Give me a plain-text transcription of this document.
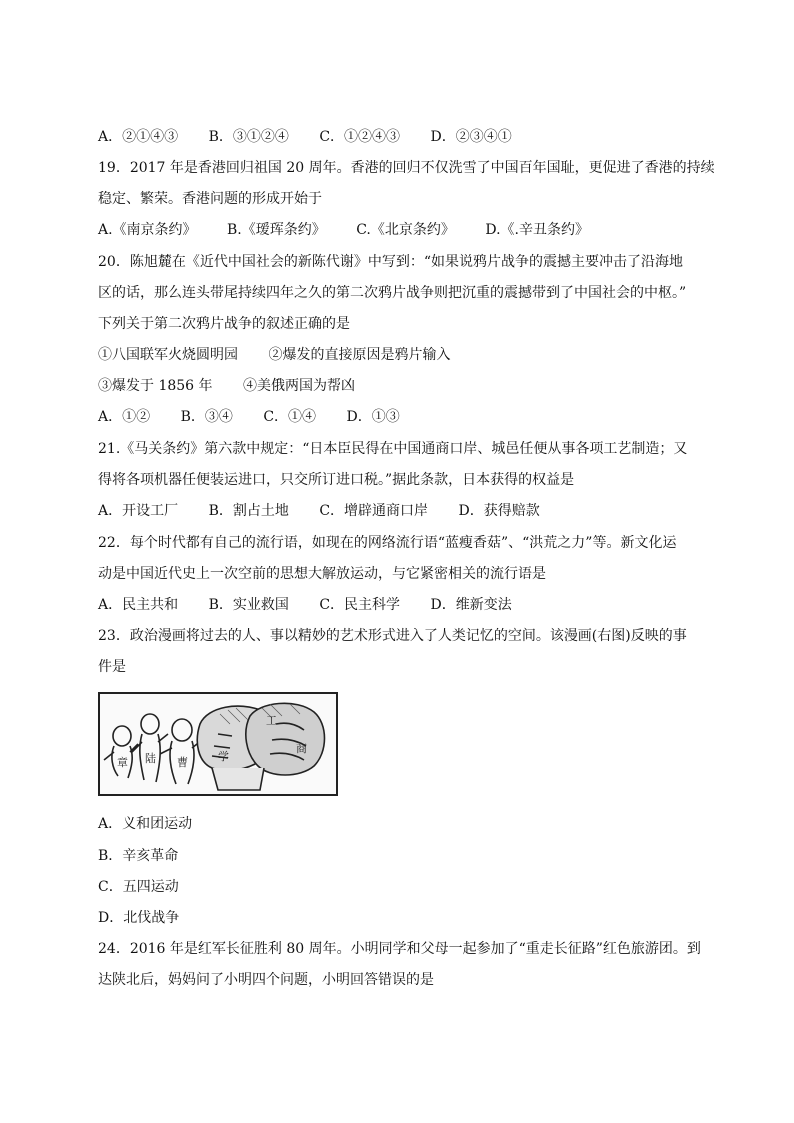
A．②①④③ B．③①②④ C．①②④③ D．②③④①
19．2017 年是香港回归祖国 20 周年。香港的回归不仅洗雪了中国百年国耻，更促进了香港的持续
稳定、繁荣。香港问题的形成开始于
A.《南京条约》 B.《瑷珲条约》 C.《北京条约》 D.《.辛丑条约》
20．陈旭麓在《近代中国社会的新陈代谢》中写到：“如果说鸦片战争的震撼主要冲击了沿海地
区的话，那么连头带尾持续四年之久的第二次鸦片战争则把沉重的震撼带到了中国社会的中枢。”
下列关于第二次鸦片战争的叙述正确的是
①八国联军火烧圆明园 ②爆发的直接原因是鸦片输入
③爆发于 1856 年 ④美俄两国为帮凶
A．①② B．③④ C．①④ D．①③
21.《马关条约》第六款中规定：“日本臣民得在中国通商口岸、城邑任便从事各项工艺制造；又
得将各项机器任便装运进口，只交所订进口税。”据此条款，日本获得的权益是
A．开设工厂 B．割占土地 C．增辟通商口岸 D．获得赔款
22．每个时代都有自己的流行语，如现在的网络流行语“蓝瘦香菇”、“洪荒之力”等。新文化运
动是中国近代史上一次空前的思想大解放运动，与它紧密相关的流行语是
A．民主共和 B．实业救国 C．民主科学 D．维新变法
23．政治漫画将过去的人、事以精妙的艺术形式进入了人类记忆的空间。该漫画(右图)反映的事
件是
章 陆 曹	学
工
商
A．义和团运动
B．辛亥革命
C．五四运动
D．北伐战争
24．2016 年是红军长征胜利 80 周年。小明同学和父母一起参加了“重走长征路”红色旅游团。到
达陕北后，妈妈问了小明四个问题，小明回答错误的是
